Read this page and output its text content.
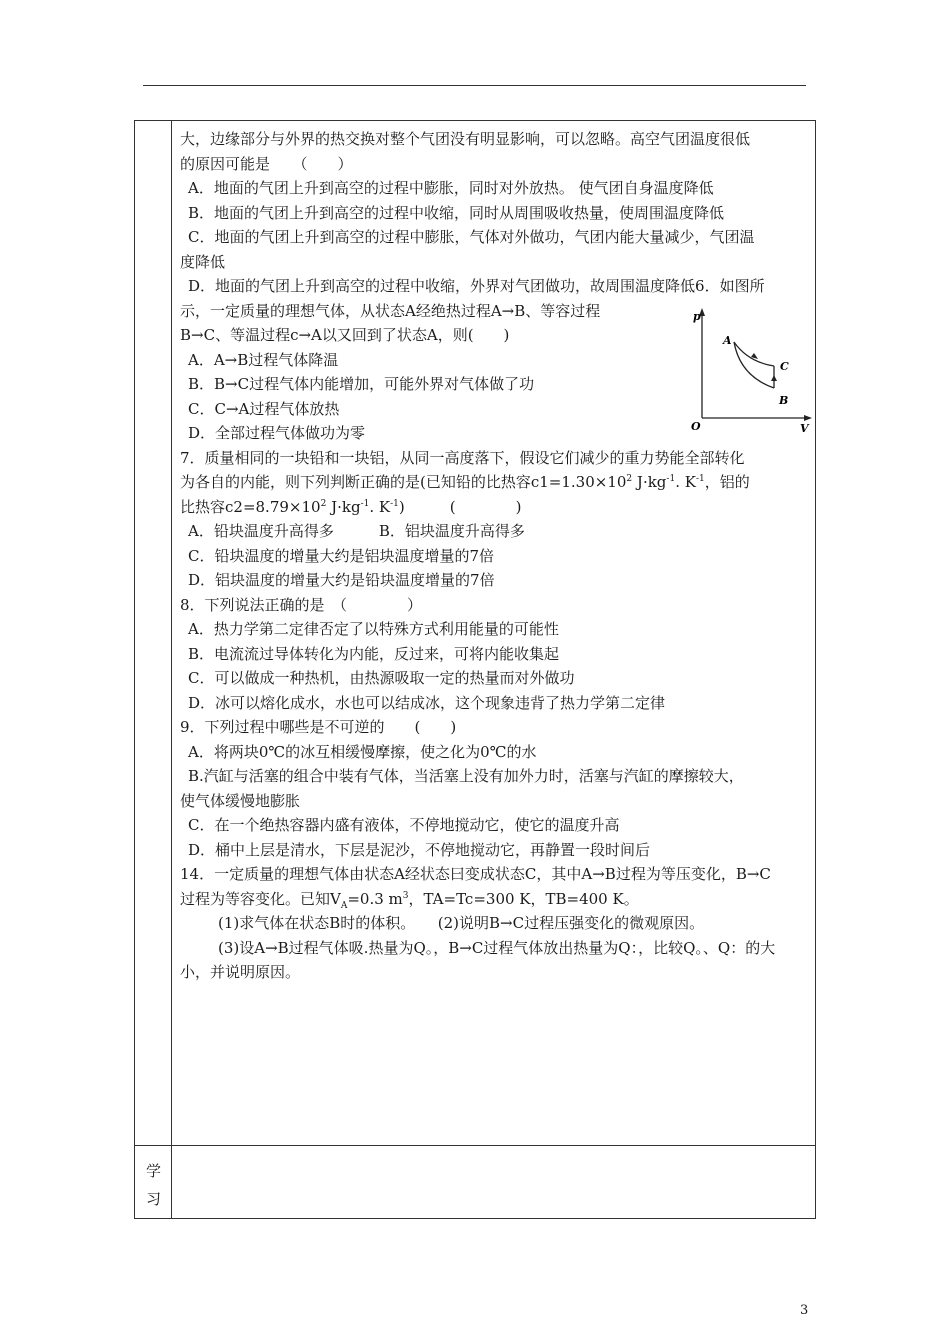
大，边缘部分与外界的热交换对整个气团没有明显影响，可以忽略。高空气团温度很低

的原因可能是　　（　　）

A．地面的气团上升到高空的过程中膨胀，同时对外放热。 使气团自身温度降低

B．地面的气团上升到高空的过程中收缩，同时从周围吸收热量，使周围温度降低

C．地面的气团上升到高空的过程中膨胀，气体对外做功，气团内能大量减少，气团温

度降低

D．地面的气团上升到高空的过程中收缩，外界对气团做功，故周围温度降低6．如图所

示，一定质量的理想气体，从状态A经绝热过程A→B、等容过程

B→C、等温过程c→A以又回到了状态A，则(　　)

A．A→B过程气体降温

B．B→C过程气体内能增加，可能外界对气体做了功

C．C→A过程气体放热

D．全部过程气体做功为零

7．质量相同的一块铅和一块铝，从同一高度落下，假设它们减少的重力势能全部转化

为各自的内能，则下列判断正确的是(已知铅的比热容$c1=1.30\times 10^2$ $J\cdot kg^{-1}$. $K^{-1}$，铝的

比热容$c2=8.79\times 10^2$ $J\cdot kg^{-1}$. $K^{-1}$)　　　(　　　　)

A．铅块温度升高得多　　　B．铝块温度升高得多

C．铅块温度的增量大约是铝块温度增量的7倍

D．铝块温度的增量大约是铅块温度增量的7倍

8．下列说法正确的是　（　　　　）

A．热力学第二定律否定了以特殊方式利用能量的可能性

B．电流流过导体转化为内能，反过来，可将内能收集起

C．可以做成一种热机，由热源吸取一定的热量而对外做功

D．冰可以熔化成水，水也可以结成冰，这个现象违背了热力学第二定律

9．下列过程中哪些是不可逆的　　(　　)

A．将两块0℃的冰互相缓慢摩擦，使之化为0℃的水

B.汽缸与活塞的组合中装有气体，当活塞上没有加外力时，活塞与汽缸的摩擦较大，

使气体缓慢地膨胀

C．在一个绝热容器内盛有液体，不停地搅动它，使它的温度升高

D．桶中上层是清水，下层是泥沙，不停地搅动它，再静置一段时间后

14．一定质量的理想气体由状态A经状态曰变成状态C，其中A→B过程为等压变化，B→C

过程为等容变化。已知$V_A=0.3$ $m^3$，TA=Tc=300 K，TB=400 K。

(1)求气体在状态B时的体积。　　(2)说明B→C过程压强变化的微观原因。

(3)设A→B过程气体吸.热量为Q。，B→C过程气体放出热量为Q：，比较Q。、Q：的大

小，并说明原因。

p
V
O
A
B
C
学
习
3
